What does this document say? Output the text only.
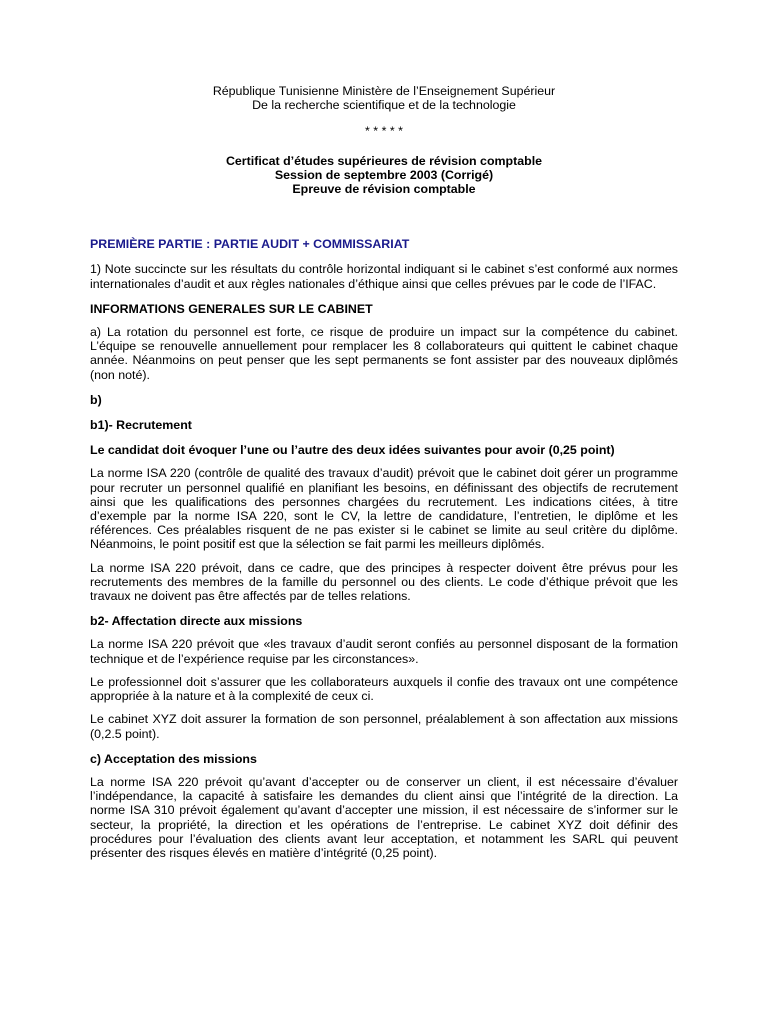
République Tunisienne Ministère de l’Enseignement Supérieur
De la recherche scientifique et de la technologie
* * * * *
Certificat d’études supérieures de révision comptable
Session de septembre 2003 (Corrigé)
Epreuve de révision comptable
PREMIÈRE PARTIE : PARTIE AUDIT + COMMISSARIAT

1) Note succincte sur les résultats du contrôle horizontal indiquant si le cabinet s’est conformé aux normes internationales d’audit et aux règles nationales d’éthique ainsi que celles prévues par le code de l’IFAC.

INFORMATIONS GENERALES SUR LE CABINET

a) La rotation du personnel est forte, ce risque de produire un impact sur la compétence du cabinet. L’équipe se renouvelle annuellement pour remplacer les 8 collaborateurs qui quittent le cabinet chaque année. Néanmoins on peut penser que les sept permanents se font assister par des nouveaux diplômés (non noté).

b)

b1)- Recrutement

Le candidat doit évoquer l’une ou l’autre des deux idées suivantes pour avoir (0,25 point)

La norme ISA 220 (contrôle de qualité des travaux d’audit) prévoit que le cabinet doit gérer un programme pour recruter un personnel qualifié en planifiant les besoins, en définissant des objectifs de recrutement ainsi que les qualifications des personnes chargées du recrutement. Les indications citées, à titre d’exemple par la norme ISA 220, sont le CV, la lettre de candidature, l’entretien, le diplôme et les références. Ces préalables risquent de ne pas exister si le cabinet se limite au seul critère du diplôme. Néanmoins, le point positif est que la sélection se fait parmi les meilleurs diplômés.

La norme ISA 220 prévoit, dans ce cadre, que des principes à respecter doivent être prévus pour les recrutements des membres de la famille du personnel ou des clients. Le code d’éthique prévoit que les travaux ne doivent pas être affectés par de telles relations.

b2- Affectation directe aux missions

La norme ISA 220 prévoit que «les travaux d’audit seront confiés au personnel disposant de la formation technique et de l’expérience requise par les circonstances».

Le professionnel doit s’assurer que les collaborateurs auxquels il confie des travaux ont une compétence appropriée à la nature et à la complexité de ceux ci.

Le cabinet XYZ doit assurer la formation de son personnel, préalablement à son affectation aux missions (0,2.5 point).

c) Acceptation des missions

La norme ISA 220 prévoit qu’avant d’accepter ou de conserver un client, il est nécessaire d’évaluer l’indépendance, la capacité à satisfaire les demandes du client ainsi que l’intégrité de la direction. La norme ISA 310 prévoit également qu’avant d’accepter une mission, il est nécessaire de s’informer sur le secteur, la propriété, la direction et les opérations de l’entreprise. Le cabinet XYZ doit définir des procédures pour l’évaluation des clients avant leur acceptation, et notamment les SARL qui peuvent présenter des risques élevés en matière d’intégrité (0,25 point).
